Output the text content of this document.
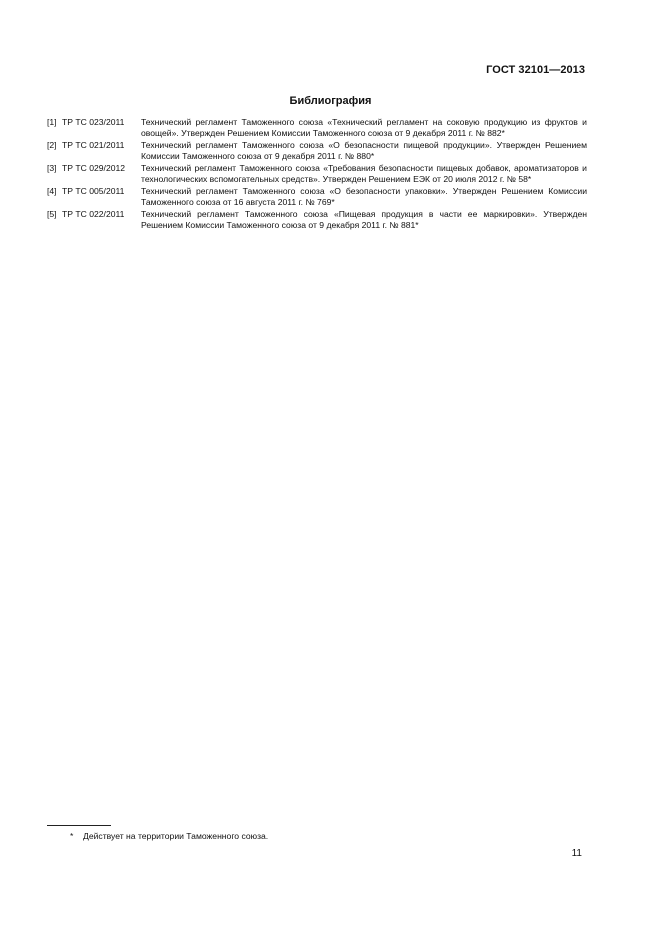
ГОСТ 32101—2013
Библиография
[1] ТР ТС 023/2011	Технический регламент Таможенного союза «Технический регламент на соковую продукцию из фруктов и овощей». Утвержден Решением Комиссии Таможенного союза от 9 декабря 2011 г. № 882*
[2] ТР ТС 021/2011	Технический регламент Таможенного союза «О безопасности пищевой продукции». Утвержден Решением Комиссии Таможенного союза от 9 декабря 2011 г. № 880*
[3] ТР ТС 029/2012	Технический регламент Таможенного союза «Требования безопасности пищевых добавок, ароматизаторов и технологических вспомогательных средств». Утвержден Решением ЕЭК от 20 июля 2012 г. № 58*
[4] ТР ТС 005/2011	Технический регламент Таможенного союза «О безопасности упаковки». Утвержден Решением Комиссии Таможенного союза от 16 августа 2011 г. № 769*
[5] ТР ТС 022/2011	Технический регламент Таможенного союза «Пищевая продукция в части ее маркировки». Утвержден Решением Комиссии Таможенного союза от 9 декабря 2011 г. № 881*
* Действует на территории Таможенного союза.
11
